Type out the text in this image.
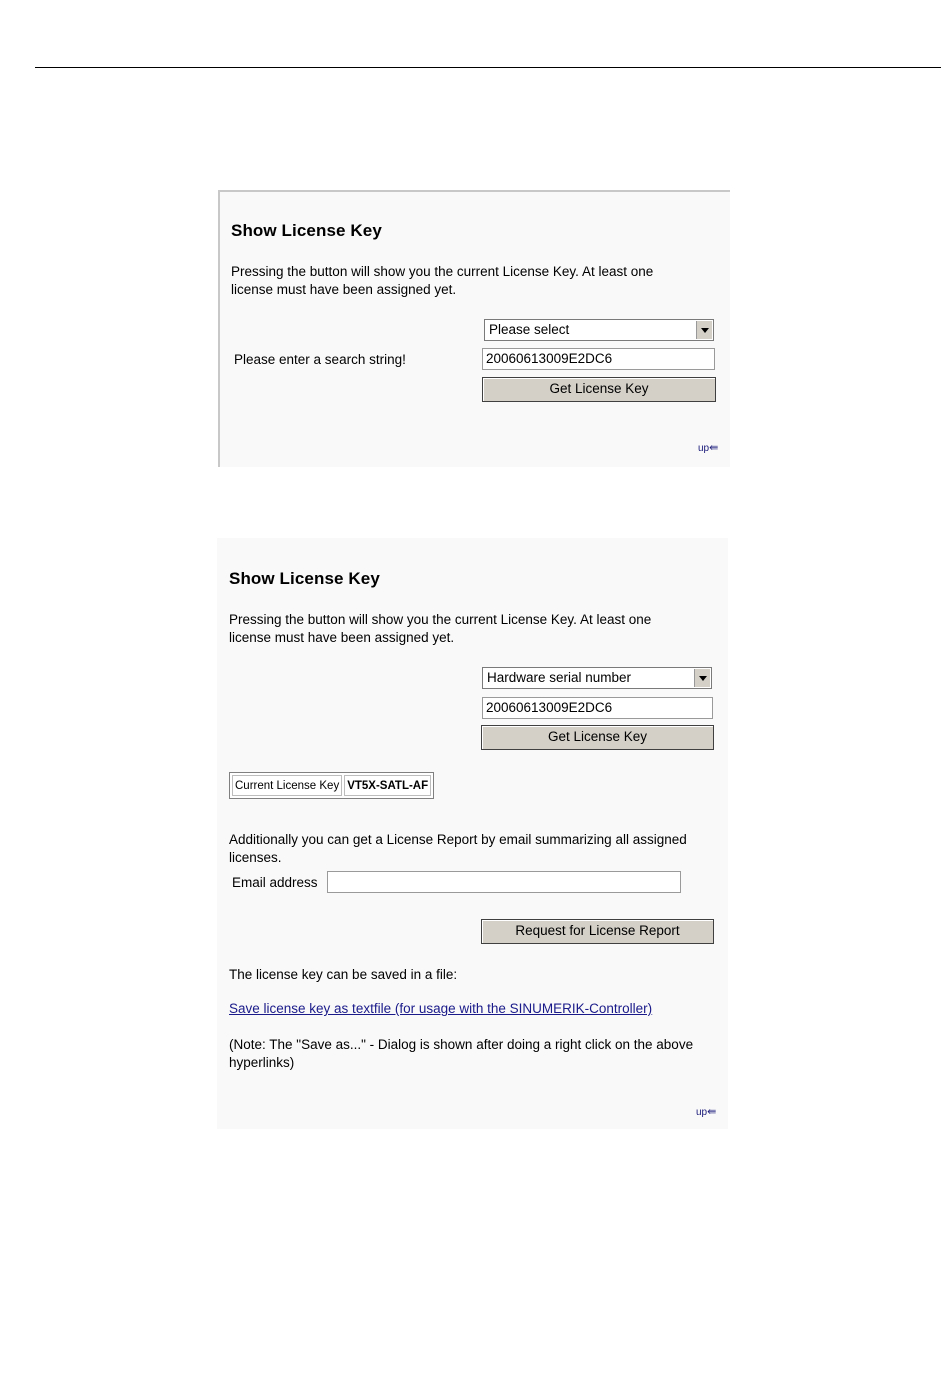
Show License Key
Pressing the button will show you the current License Key. At least one
license must have been assigned yet.
Please select
Please enter a search string!	20060613009E2DC6
Get License Key
up⇚
Show License Key
Pressing the button will show you the current License Key. At least one
license must have been assigned yet.
Hardware serial number
20060613009E2DC6
Get License Key
Current License Key	VT5X-SATL-AF
Additionally you can get a License Report by email summarizing all assigned
licenses.
Email address
Request for License Report
The license key can be saved in a file:
Save license key as textfile (for usage with the SINUMERIK-Controller)
(Note: The "Save as..." - Dialog is shown after doing a right click on the above
hyperlinks)
up⇚
